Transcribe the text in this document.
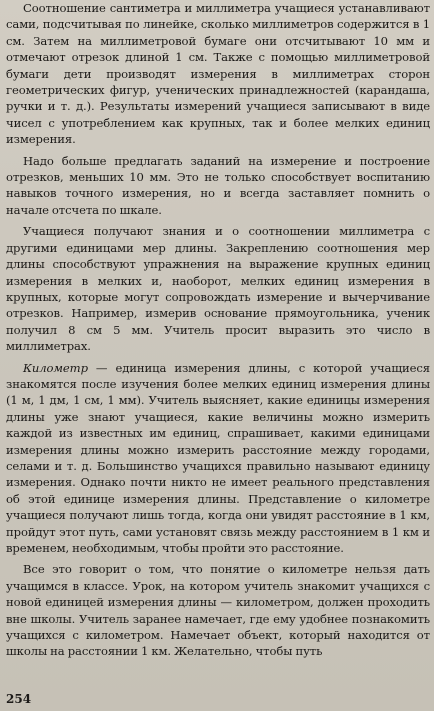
Соотношение сантиметра и миллиметра учащиеся устанавливают сами, подсчитывая по линейке, сколько миллиметров содержится в 1 см. Затем на миллиметровой бумаге они отсчитывают 10 мм и отмечают отрезок длиной 1 см. Также с помощью миллиметровой бумаги дети производят измерения в миллиметрах сторон геометрических фигур, ученических принадлежностей (карандаша, ручки и т. д.). Результаты измерений учащиеся записывают в виде чисел с употреблением как крупных, так и более мелких единиц измерения.

Надо больше предлагать заданий на измерение и построение отрезков, меньших 10 мм. Это не только способствует воспитанию навыков точного измерения, но и всегда заставляет помнить о начале отсчета по шкале.

Учащиеся получают знания и о соотношении миллиметра с другими единицами мер длины. Закреплению соотношения мер длины способствуют упражнения на выражение крупных единиц измерения в мелких и, наоборот, мелких единиц измерения в крупных, которые могут сопровождать измерение и вычерчивание отрезков. Например, измерив основание прямоугольника, ученик получил 8 см 5 мм. Учитель просит выразить это число в миллиметрах.

Километр — единица измерения длины, с которой учащиеся знакомятся после изучения более мелких единиц измерения длины (1 м, 1 дм, 1 см, 1 мм). Учитель выясняет, какие единицы измерения длины уже знают учащиеся, какие величины можно измерить каждой из известных им единиц, спрашивает, какими единицами измерения длины можно измерить расстояние между городами, селами и т. д. Большинство учащихся правильно называют единицу измерения. Однако почти никто не имеет реального представления об этой единице измерения длины. Представление о километре учащиеся получают лишь тогда, когда они увидят расстояние в 1 км, пройдут этот путь, сами установят связь между расстоянием в 1 км и временем, необходимым, чтобы пройти это расстояние.

Все это говорит о том, что понятие о километре нельзя дать учащимся в классе. Урок, на котором учитель знакомит учащихся с новой единицей измерения длины — километром, должен проходить вне школы. Учитель заранее намечает, где ему удобнее познакомить учащихся с километром. Намечает объект, который находится от школы на расстоянии 1 км. Желательно, чтобы путь

254
